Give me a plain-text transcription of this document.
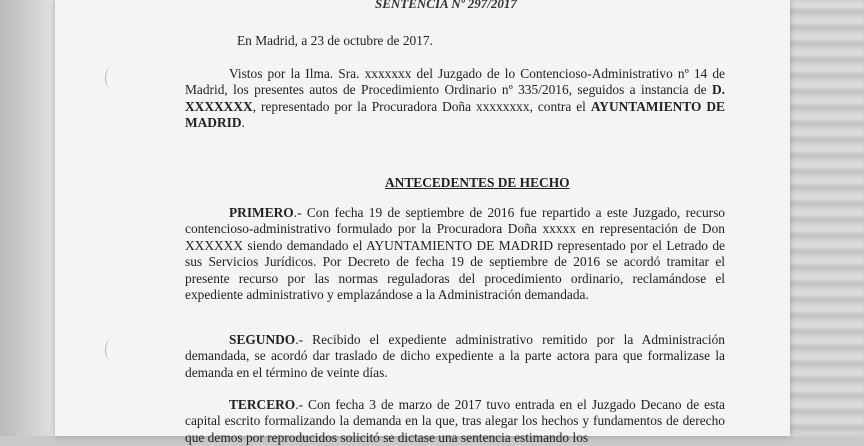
SENTENCIA Nº 297/2017

En Madrid, a 23 de octubre de 2017.

Vistos por la Ilma. Sra. xxxxxxx del Juzgado de lo Contencioso-Administrativo nº 14 de Madrid, los presentes autos de Procedimiento Ordinario nº 335/2016, seguidos a instancia de D. XXXXXXX, representado por la Procuradora Doña xxxxxxxx, contra el AYUNTAMIENTO DE MADRID.

ANTECEDENTES DE HECHO

PRIMERO.- Con fecha 19 de septiembre de 2016 fue repartido a este Juzgado, recurso contencioso-administrativo formulado por la Procuradora Doña xxxxx en representación de Don XXXXXX siendo demandado el AYUNTAMIENTO DE MADRID representado por el Letrado de sus Servicios Jurídicos. Por Decreto de fecha 19 de septiembre de 2016 se acordó tramitar el presente recurso por las normas reguladoras del procedimiento ordinario, reclamándose el expediente administrativo y emplazándose a la Administración demandada.

SEGUNDO.- Recibido el expediente administrativo remitido por la Administración demandada, se acordó dar traslado de dicho expediente a la parte actora para que formalizase la demanda en el término de veinte días.

TERCERO.- Con fecha 3 de marzo de 2017 tuvo entrada en el Juzgado Decano de esta capital escrito formalizando la demanda en la que, tras alegar los hechos y fundamentos de derecho que demos por reproducidos solicitó se dictase una sentencia estimando los
